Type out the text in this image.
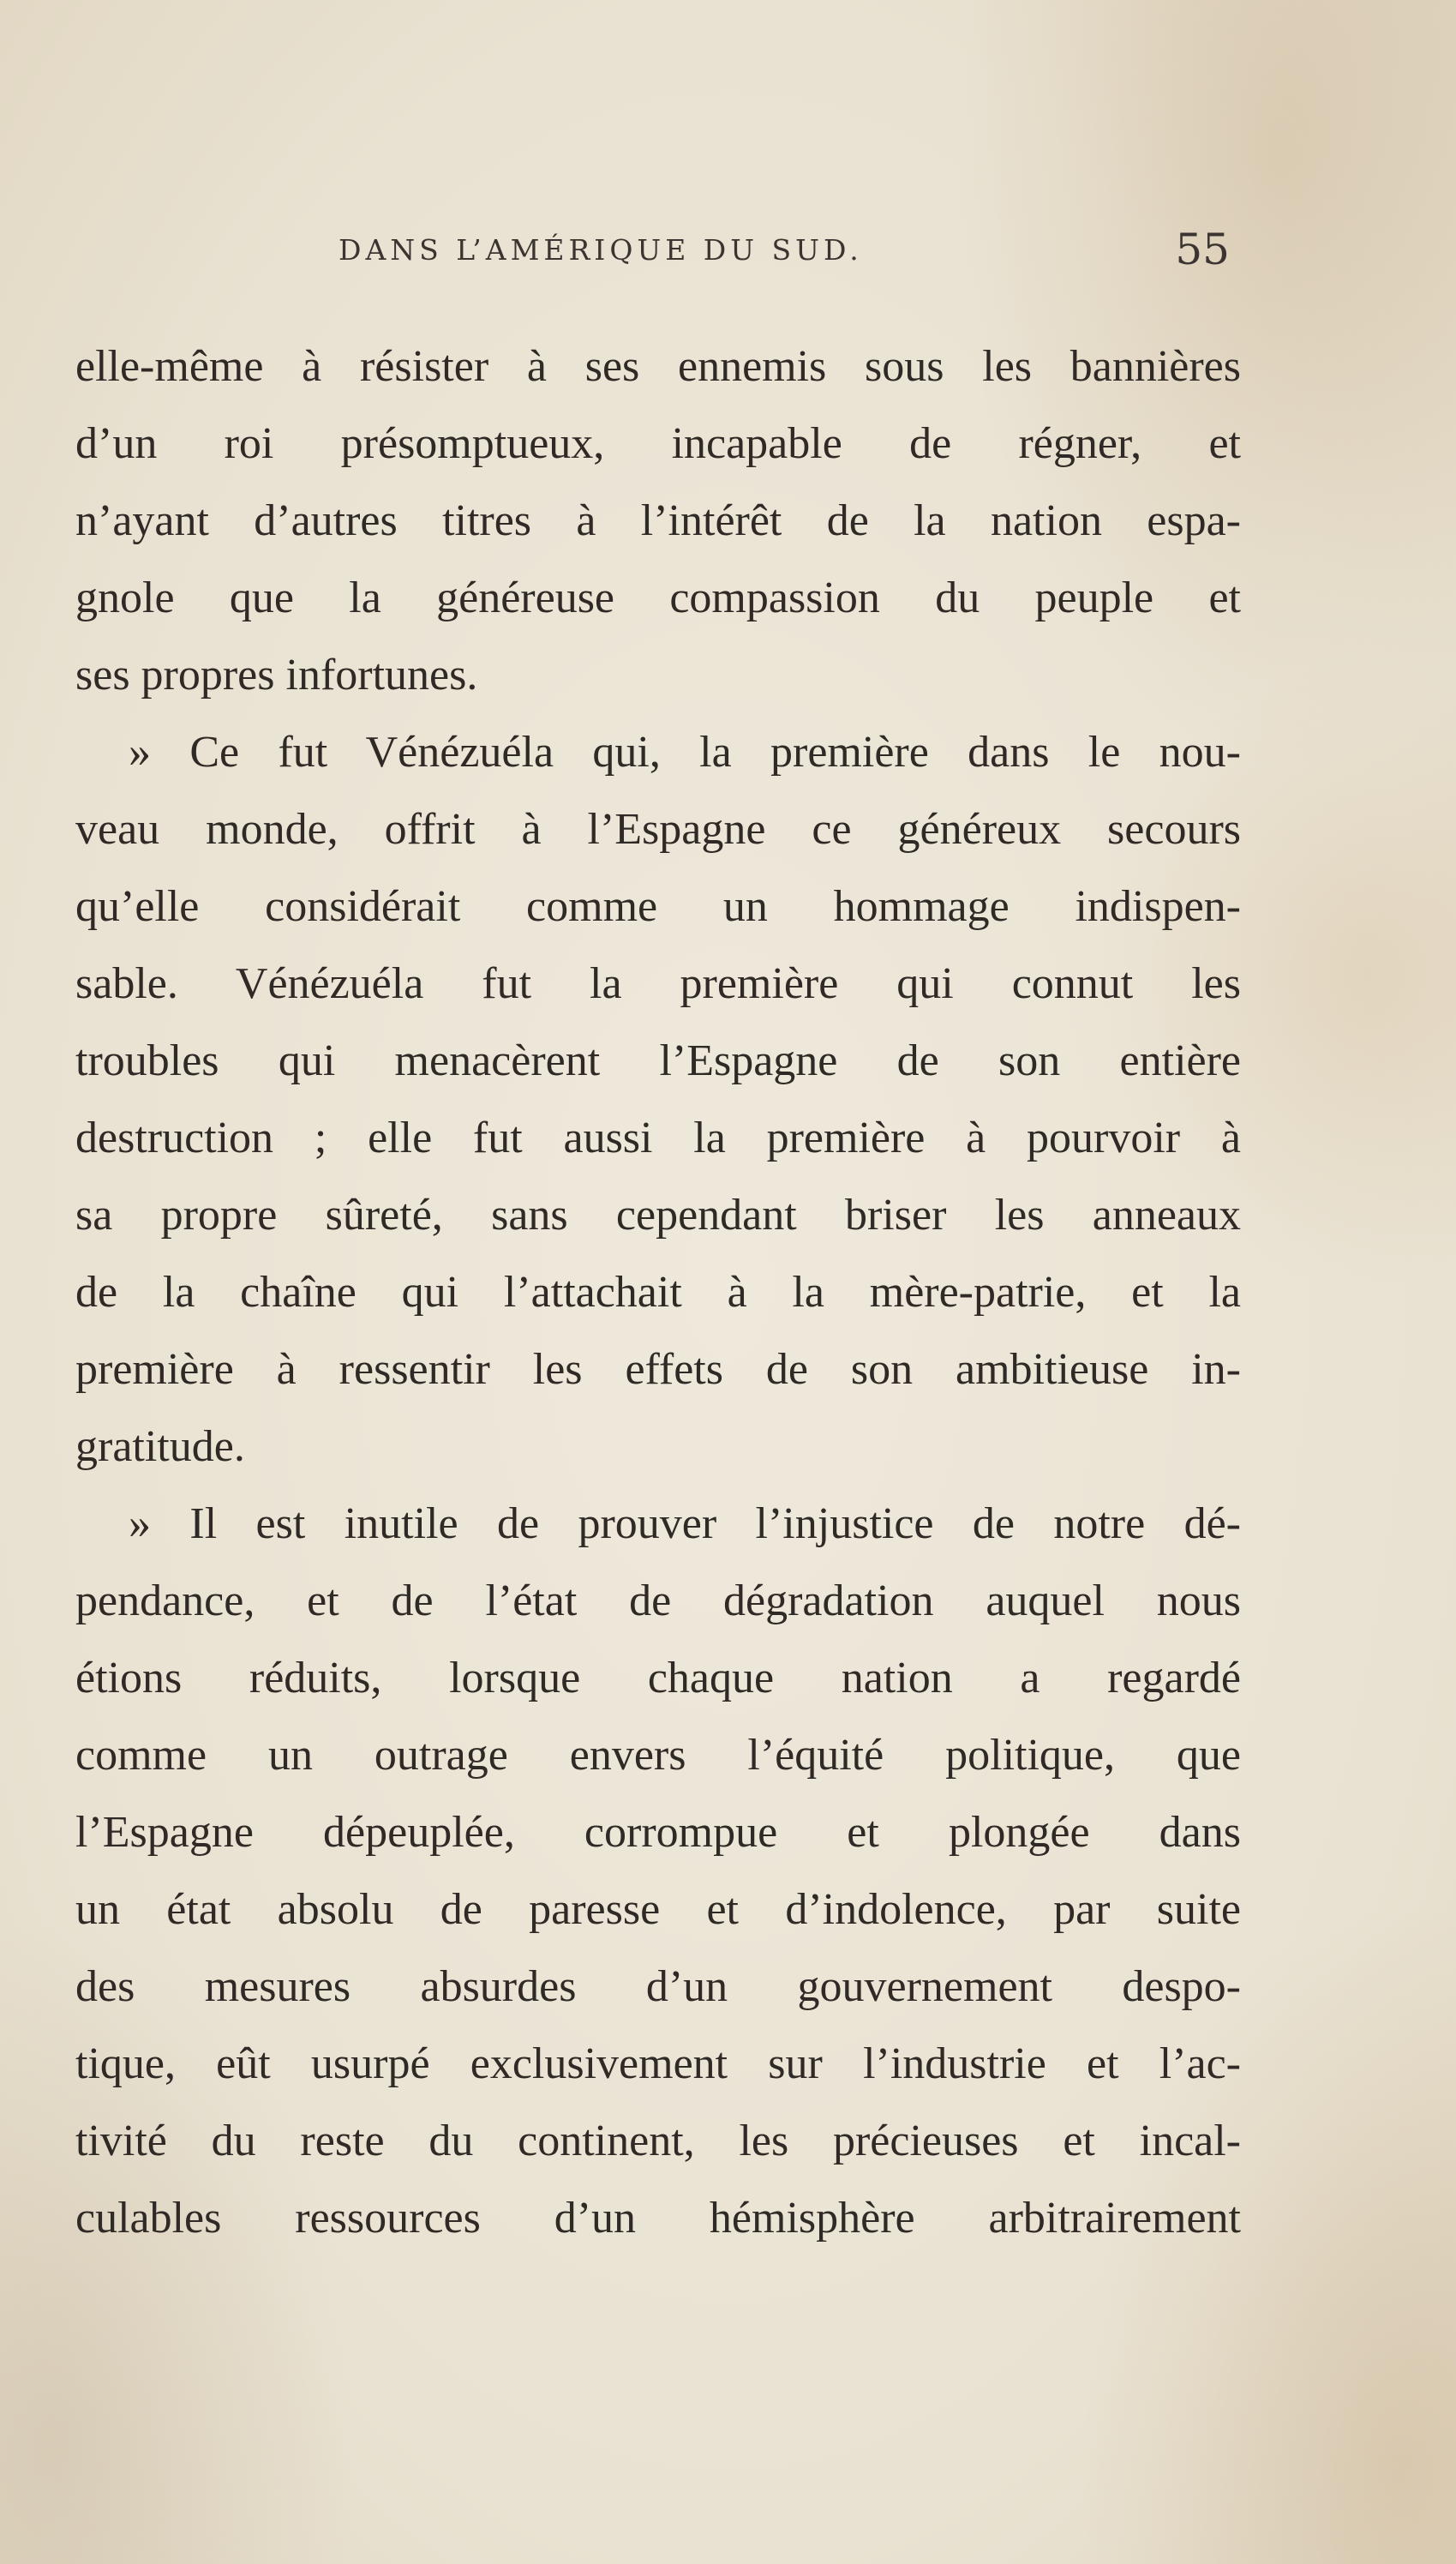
DANS L’AMÉRIQUE DU SUD.	55
elle-même à résister à ses ennemis sous les bannières
d’un roi présomptueux, incapable de régner, et
n’ayant d’autres titres à l’intérêt de la nation espa-
gnole que la généreuse compassion du peuple et
ses propres infortunes.
» Ce fut Vénézuéla qui, la première dans le nou-
veau monde, offrit à l’Espagne ce généreux secours
qu’elle considérait comme un hommage indispen-
sable. Vénézuéla fut la première qui connut les
troubles qui menacèrent l’Espagne de son entière
destruction ; elle fut aussi la première à pourvoir à
sa propre sûreté, sans cependant briser les anneaux
de la chaîne qui l’attachait à la mère-patrie, et la
première à ressentir les effets de son ambitieuse in-
gratitude.
» Il est inutile de prouver l’injustice de notre dé-
pendance, et de l’état de dégradation auquel nous
étions réduits, lorsque chaque nation a regardé
comme un outrage envers l’équité politique, que
l’Espagne dépeuplée, corrompue et plongée dans
un état absolu de paresse et d’indolence, par suite
des mesures absurdes d’un gouvernement despo-
tique, eût usurpé exclusivement sur l’industrie et l’ac-
tivité du reste du continent, les précieuses et incal-
culables ressources d’un hémisphère arbitrairement
